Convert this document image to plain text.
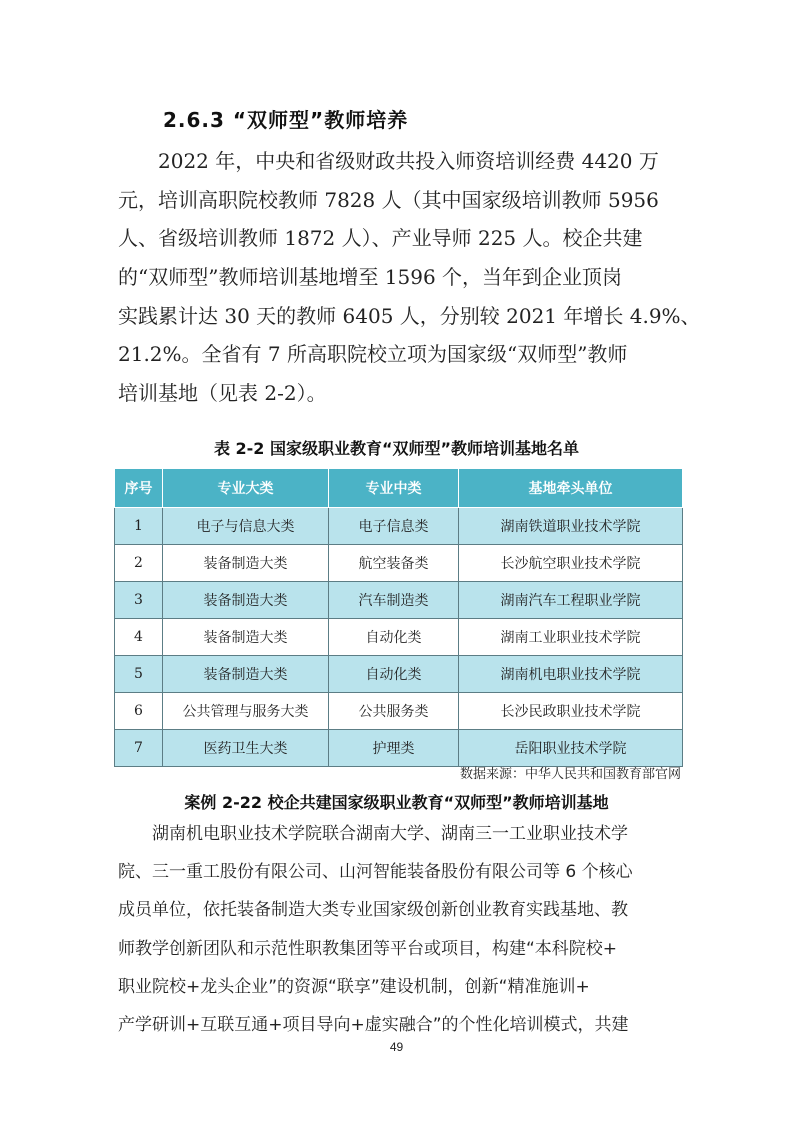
2.6.3 “双师型”教师培养
2022 年，中央和省级财政共投入师资培训经费 4420 万
元，培训高职院校教师 7828 人（其中国家级培训教师 5956
人、省级培训教师 1872 人）、产业导师 225 人。校企共建
的“双师型”教师培训基地增至 1596 个，当年到企业顶岗
实践累计达 30 天的教师 6405 人，分别较 2021 年增长 4.9%、
21.2%。全省有 7 所高职院校立项为国家级“双师型”教师
培训基地（见表 2-2）。
表 2-2 国家级职业教育“双师型”教师培训基地名单
序号	专业大类	专业中类	基地牵头单位
1	电子与信息大类	电子信息类	湖南铁道职业技术学院
2	装备制造大类	航空装备类	长沙航空职业技术学院
3	装备制造大类	汽车制造类	湖南汽车工程职业学院
4	装备制造大类	自动化类	湖南工业职业技术学院
5	装备制造大类	自动化类	湖南机电职业技术学院
6	公共管理与服务大类	公共服务类	长沙民政职业技术学院
7	医药卫生大类	护理类	岳阳职业技术学院
数据来源：中华人民共和国教育部官网
案例 2-22 校企共建国家级职业教育“双师型”教师培训基地
湖南机电职业技术学院联合湖南大学、湖南三一工业职业技术学
院、三一重工股份有限公司、山河智能装备股份有限公司等 6 个核心
成员单位，依托装备制造大类专业国家级创新创业教育实践基地、教
师教学创新团队和示范性职教集团等平台或项目，构建“本科院校+
职业院校+龙头企业”的资源“联享”建设机制，创新“精准施训+
产学研训+互联互通+项目导向+虚实融合”的个性化培训模式，共建
49
